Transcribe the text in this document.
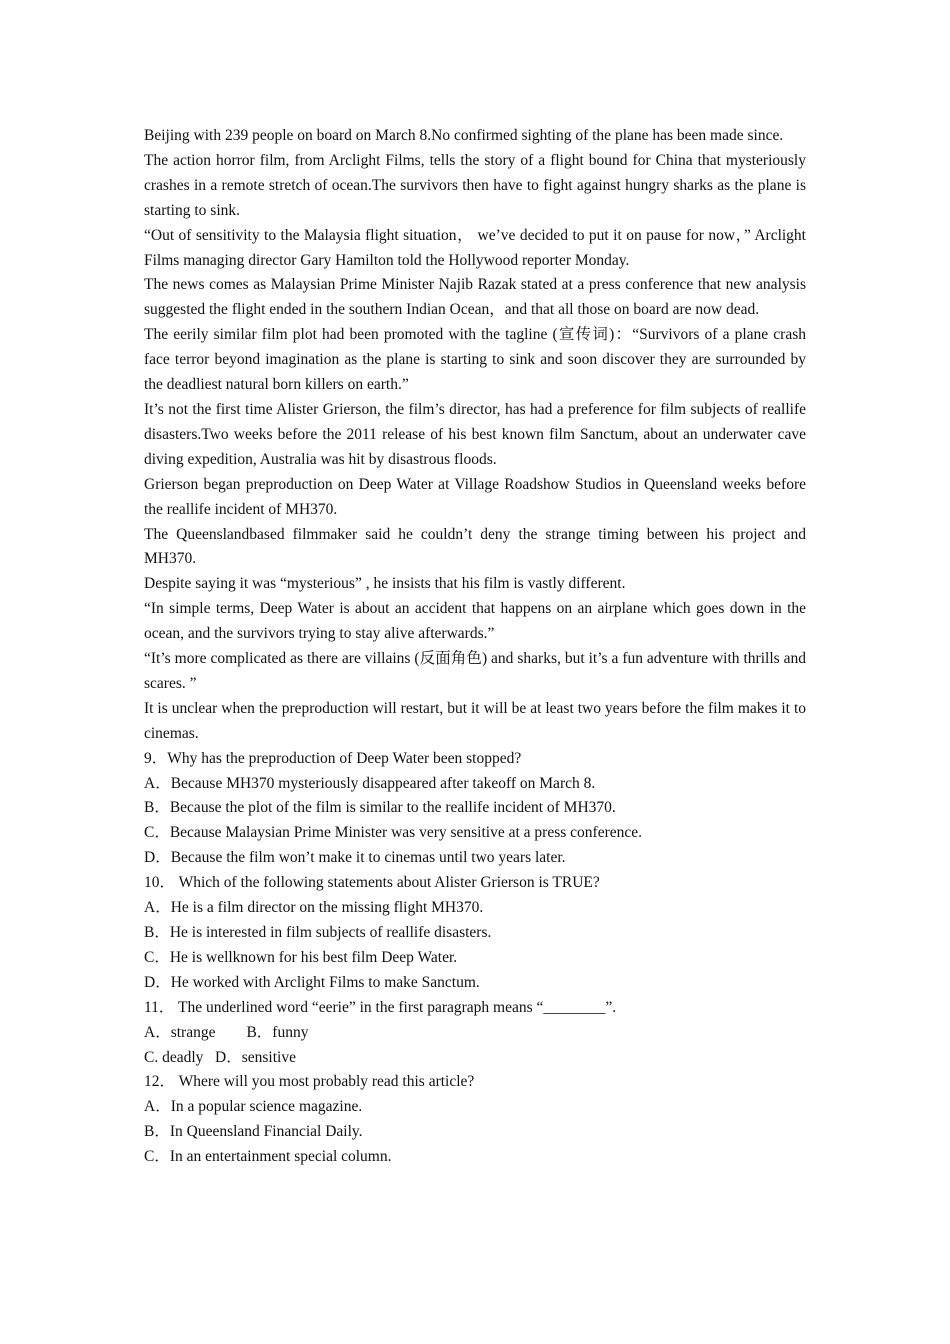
Beijing with 239 people on board on March 8.No confirmed sighting of the plane has been made since.

The action horror film, from Arclight Films, tells the story of a flight bound for China that mysteriously crashes in a remote stretch of ocean.The survivors then have to fight against hungry sharks as the plane is starting to sink.

“Out of sensitivity to the Malaysia flight situation， we’ve decided to put it on pause for now，” Arclight Films managing director Gary Hamilton told the Hollywood reporter Monday.

The news comes as Malaysian Prime Minister Najib Razak stated at a press conference that new analysis suggested the flight ended in the southern Indian Ocean，and that all those on board are now dead.

The eerily similar film plot had been promoted with the tagline (宣传词)：“Survivors of a plane crash face terror beyond imagination as the plane is starting to sink and soon discover they are surrounded by the deadliest natural born killers on earth.”

It’s not the first time Alister Grierson, the film’s director, has had a preference for film subjects of reallife disasters.Two weeks before the 2011 release of his best known film Sanctum, about an underwater cave diving expedition, Australia was hit by disastrous floods.

Grierson began preproduction on Deep Water at Village Roadshow Studios in Queensland weeks before the reallife incident of MH370.

The Queenslandbased filmmaker said he couldn’t deny the strange timing between his project and MH370.

Despite saying it was “mysterious” , he insists that his film is vastly different.

“In simple terms, Deep Water is about an accident that happens on an airplane which goes down in the ocean, and the survivors trying to stay alive afterwards.”

“It’s more complicated as there are villains (反面角色) and sharks, but it’s a fun adventure with thrills and scares. ”

It is unclear when the preproduction will restart, but it will be at least two years before the film makes it to cinemas.

9．Why has the preproduction of Deep Water been stopped?

A．Because MH370 mysteriously disappeared after takeoff on March 8.

B．Because the plot of the film is similar to the reallife incident of MH370.

C．Because Malaysian Prime Minister was very sensitive at a press conference.

D．Because the film won’t make it to cinemas until two years later.

10． Which of the following statements about Alister Grierson is TRUE?

A．He is a film director on the missing flight MH370.

B．He is interested in film subjects of reallife disasters.

C．He is wellknown for his best film Deep Water.

D．He worked with Arclight Films to make Sanctum.

11． The underlined word “eerie” in the first paragraph means “________”.

A．strange        B．funny

C. deadly   D．sensitive

12． Where will you most probably read this article?

A．In a popular science magazine.

B．In Queensland Financial Daily.

C．In an entertainment special column.
